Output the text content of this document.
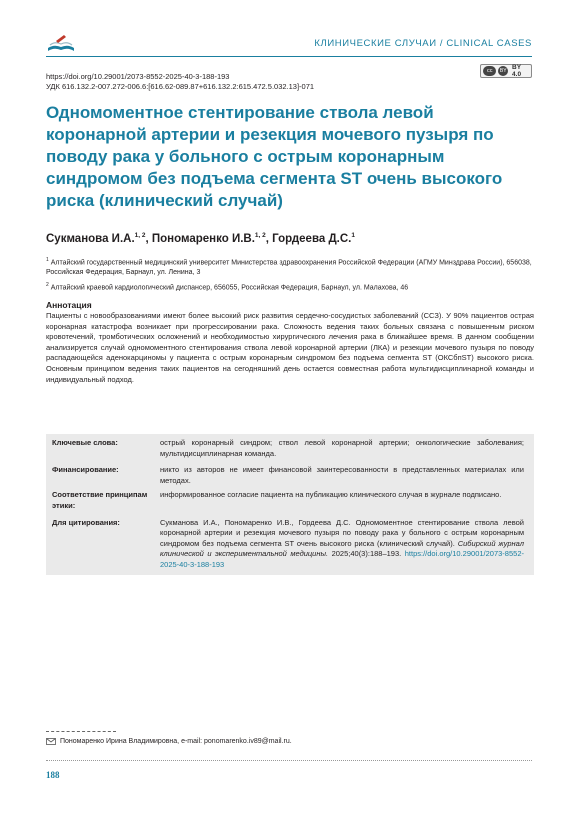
КЛИНИЧЕСКИЕ СЛУЧАИ / CLINICAL CASES
cc	BY BY 4.0
https://doi.org/10.29001/2073-8552-2025-40-3-188-193
УДК 616.132.2-007.272-006.6:[616.62-089.87+616.132.2:615.472.5.032.13]-071
Одномоментное стентирование ствола левой коронарной артерии и резекция мочевого пузыря по поводу рака у больного с острым коронарным синдромом без подъема сегмента ST очень высокого риска (клинический случай)
Сукманова И.А.$^{1, 2}$, Пономаренко И.В.$^{1, 2}$, Гордеева Д.С.$^1$
$^1$ Алтайский государственный медицинский университет Министерства здравоохранения Российской Федерации (АГМУ Минздрава России), 656038, Российская Федерация, Барнаул, ул. Ленина, 3
$^2$ Алтайский краевой кардиологический диспансер, 656055, Российская Федерация, Барнаул, ул. Малахова, 46
Аннотация

Пациенты с новообразованиями имеют более высокий риск развития сердечно-сосудистых заболеваний (ССЗ). У 90% пациентов острая коронарная катастрофа возникает при прогрессировании рака. Сложность ведения таких больных связана с повышенным риском кровотечений, тромботических осложнений и необходимостью хирургического лечения рака в ближайшее время. В данном сообщении анализируется случай одномоментного стентирования ствола левой коронарной артерии (ЛКА) и резекции мочевого пузыря по поводу распадающейся аденокарциномы у пациента с острым коронарным синдромом без подъема сегмента ST (ОКСбпST) высокого риска. Основным принципом ведения таких пациентов на сегодняшний день остается совместная работа мультидисциплинарной команды и индивидуальный подход.

Ключевые слова:	острый коронарный синдром; ствол левой коронарной артерии; онкологические заболевания; мультидисциплинарная команда.
Финансирование:	никто из авторов не имеет финансовой заинтересованности в представленных материалах или методах.
Соответствие принципам этики:	информированное согласие пациента на публикацию клинического случая в журнале подписано.
Для цитирования:	Сукманова И.А., Пономаренко И.В., Гордеева Д.С. Одномоментное стентирование ствола левой коронарной артерии и резекция мочевого пузыря по поводу рака у больного с острым коронарным синдромом без подъема сегмента ST очень высокого риска (клинический случай). Сибирский журнал клинической и экспериментальной медицины. 2025;40(3):188–193. https://doi.org/10.29001/2073-8552-2025-40-3-188-193
Пономаренко Ирина Владимировна, e-mail: ponomarenko.iv89@mail.ru.
188
